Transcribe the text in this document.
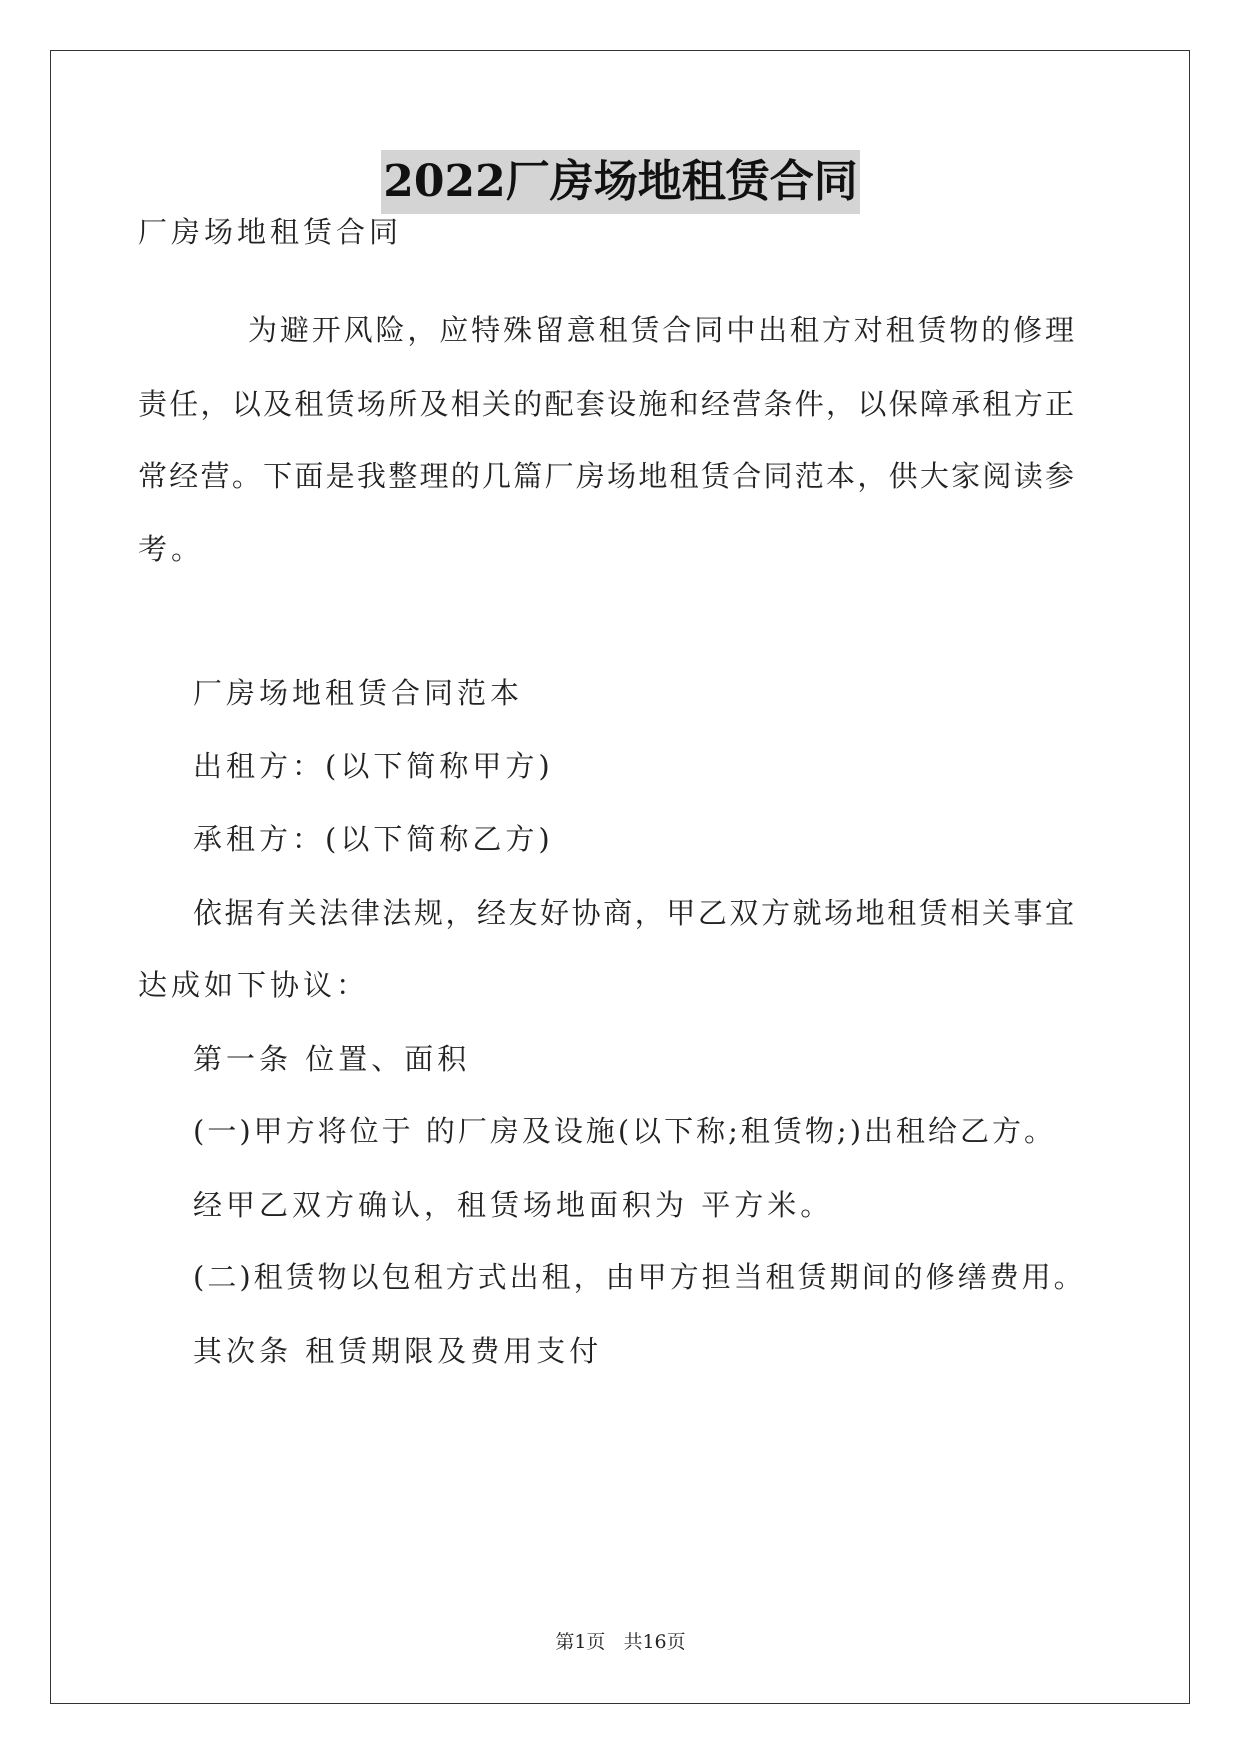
2022厂房场地租赁合同
厂房场地租赁合同
为避开风险，应特殊留意租赁合同中出租方对租赁物的修理
责任，以及租赁场所及相关的配套设施和经营条件，以保障承租方正
常经营。下面是我整理的几篇厂房场地租赁合同范本，供大家阅读参
考。
厂房场地租赁合同范本
出租方：(以下简称甲方)
承租方：(以下简称乙方)
依据有关法律法规，经友好协商，甲乙双方就场地租赁相关事宜
达成如下协议：
第一条 位置、面积
(一)甲方将位于 的厂房及设施(以下称;租赁物;)出租给乙方。
经甲乙双方确认，租赁场地面积为 平方米。
(二)租赁物以包租方式出租，由甲方担当租赁期间的修缮费用。
其次条 租赁期限及费用支付
第1页 共16页
